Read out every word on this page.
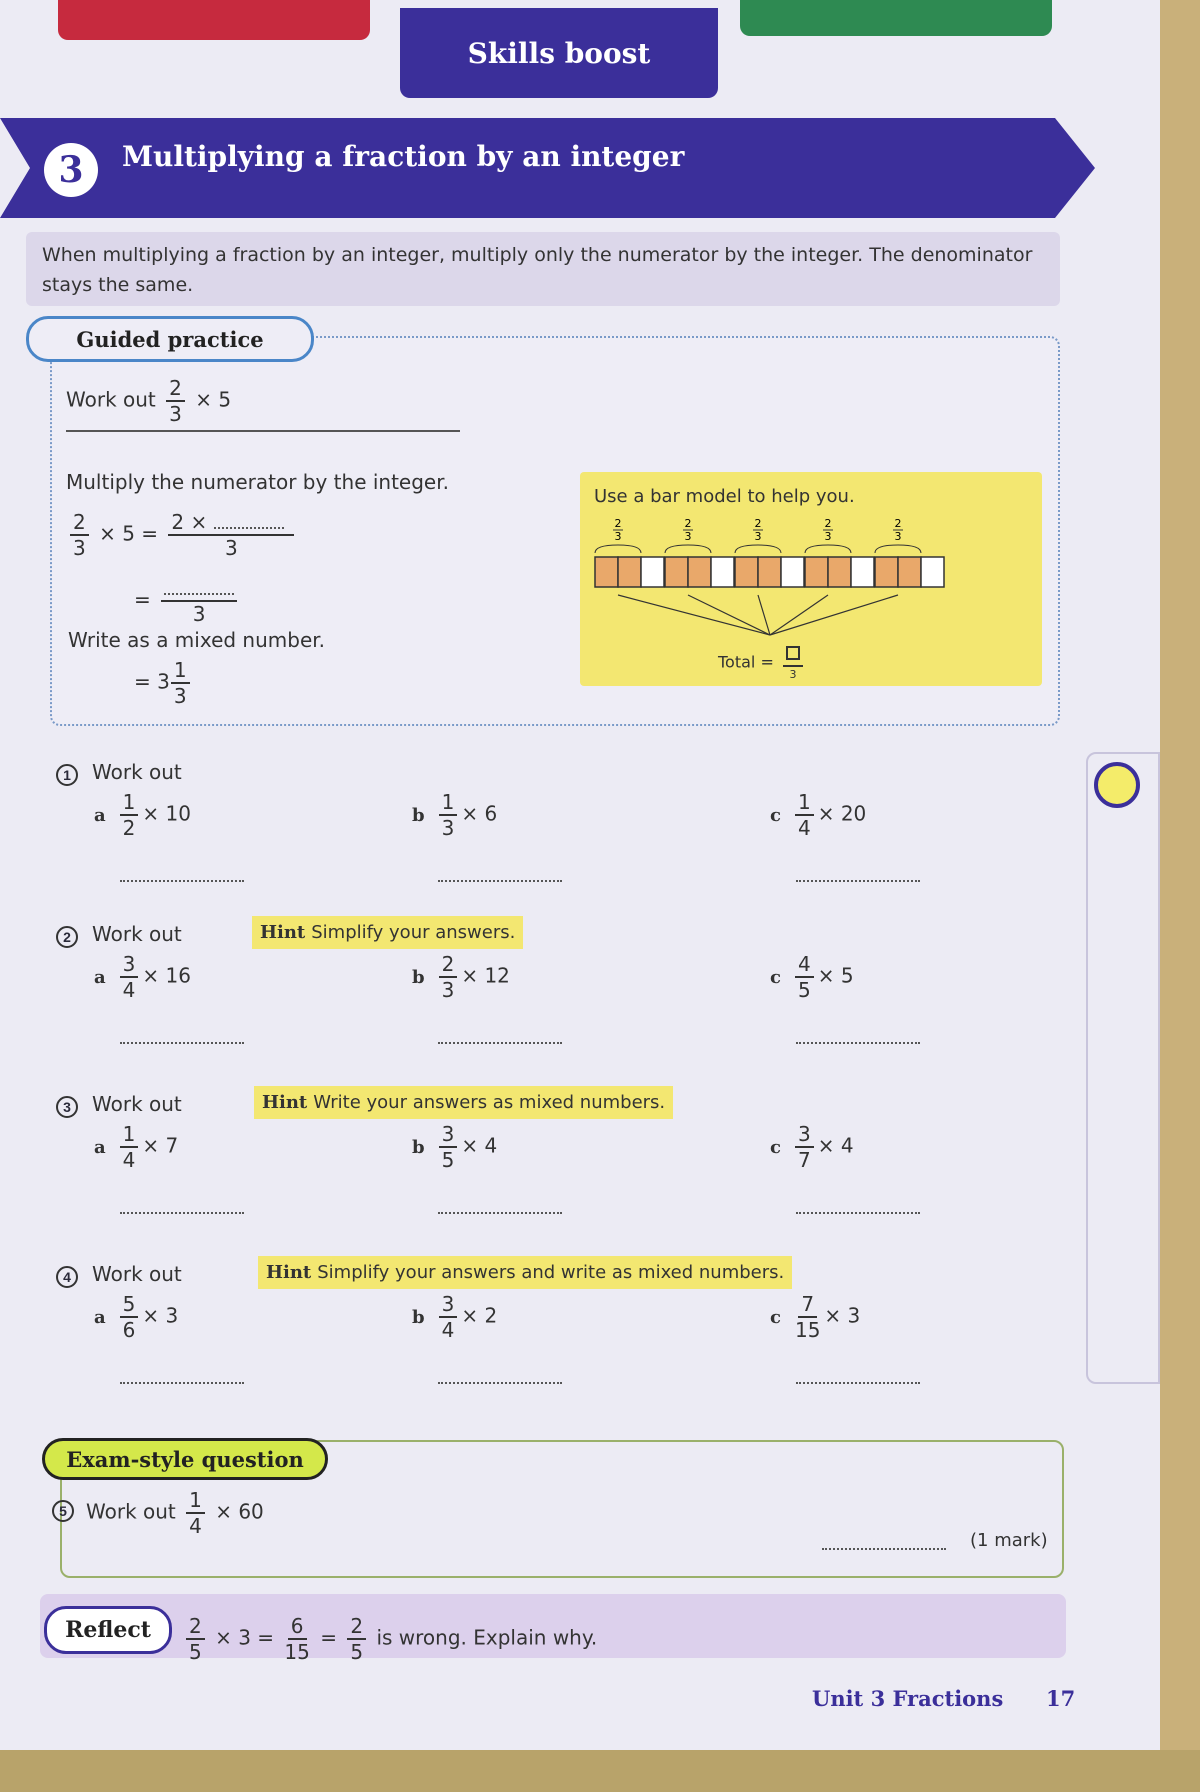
Skills boost
3	Multiplying a fraction by an integer
When multiplying a fraction by an integer, multiply only the numerator by the integer. The denominator stays the same.
Guided practice
Work out $\frac{2}{3} \times 5$
Multiply the numerator by the integer.
$\frac{2}{3} \times 5 = \frac{2 \times}{3}$
=
3
Write as a mixed number.
= $3 \frac{1}{3}$
Use a bar model to help you.
2
3
2
3
2
3
2
3
2
3
Total =
3
1	Work out
a $\frac{1}{2} \times 10$	b $\frac{1}{3} \times 6$	c $\frac{1}{4} \times 20$
2	Work out	Hint Simplify your answers.
a $\frac{3}{4} \times 16$	b $\frac{2}{3} \times 12$	c $\frac{4}{5} \times 5$
3	Work out	Hint Write your answers as mixed numbers.
a $\frac{1}{4} \times 7$	b $\frac{3}{5} \times 4$	c $\frac{3}{7} \times 4$
4	Work out	Hint Simplify your answers and write as mixed numbers.
a $\frac{5}{6} \times 3$	b $\frac{3}{4} \times 2$	c $\frac{7}{15} \times 3$
Exam-style question
5 Work out $\frac{1}{4} \times 60$
(1 mark)
Reflect	$\frac{2}{5} \times 3 = \frac{6}{15} = \frac{2}{5}$ is wrong. Explain why.
Unit 3 Fractions 17
